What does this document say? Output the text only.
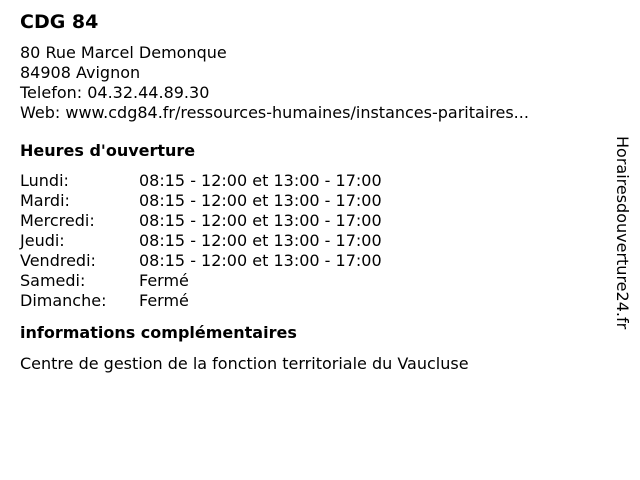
CDG 84
80 Rue Marcel Demonque
84908 Avignon
Telefon: 04.32.44.89.30
Web: www.cdg84.fr/ressources-humaines/instances-paritaires...
Heures d'ouverture
Lundi:	08:15 - 12:00 et 13:00 - 17:00
Mardi:	08:15 - 12:00 et 13:00 - 17:00
Mercredi:	08:15 - 12:00 et 13:00 - 17:00
Jeudi:	08:15 - 12:00 et 13:00 - 17:00
Vendredi:	08:15 - 12:00 et 13:00 - 17:00
Samedi:	Fermé
Dimanche:	Fermé
informations complémentaires
Centre de gestion de la fonction territoriale du Vaucluse
Horairesdouverture24.fr
